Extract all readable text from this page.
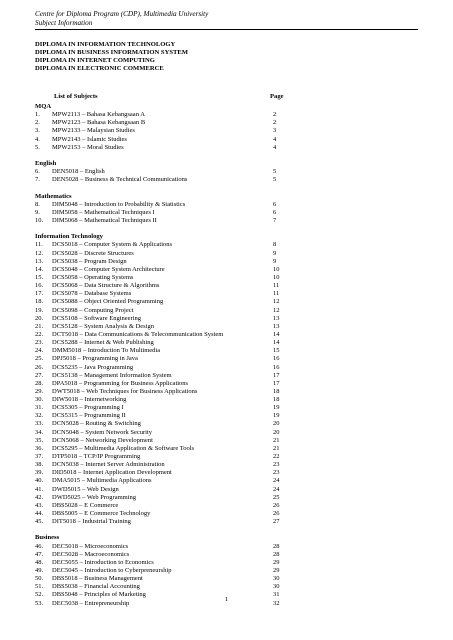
Centre for Diploma Program (CDP), Multimedia University
Subject Information
DIPLOMA IN INFORMATION TECHNOLOGY
DIPLOMA IN BUSINESS INFORMATION SYSTEM
DIPLOMA IN INTERNET COMPUTING
DIPLOMA IN ELECTRONIC COMMERCE
List of Subjects	Page
MQA
1. MPW2113 – Bahasa Kebangsaan A	2
2. MPW2123 – Bahasa Kebangsaan B	2
3. MPW2133 – Malaysian Studies	3
4. MPW2143 – Islamic Studies	4
5. MPW2153 – Moral Studies	4
English
6. DEN5018 – English	5
7. DEN5028 – Business & Technical Communications	5
Mathematics
8. DIM5048 – Introduction to Probability & Statistics	6
9. DIM5058 – Mathematical Techniques I	6
10. DIM5068 – Mathematical Techniques II	7
Information Technology
11. DCS5018 – Computer System & Applications	8
12. DCS5028 – Discrete Structures	9
13. DCS5038 – Program Design	9
14. DCS5048 – Computer System Architecture	10
15. DCS5058 – Operating Systems	10
16. DCS5068 – Data Structure & Algorithms	11
17. DCS5078 – Database Systems	11
18. DCS5088 – Object Oriented Programming	12
19. DCS5098 – Computing Project	12
20. DCS5108 – Software Engineering	13
21. DCS5128 – System Analysis & Design	13
22. DCT5018 – Data Communications & Telecommunication System	14
23. DCS5288 – Internet & Web Publishing	14
24. DMM5018 – Introduction To Multimedia	15
25. DPJ5018 – Programming in Java	16
26. DCS5235 – Java Programming	16
27. DCS5138 – Management Information System	17
28. DPA5018 – Programming for Business Applications	17
29. DWT5018 – Web Techniques for Business Applications	18
30. DIW5018 – Internetworking	18
31. DCS5305 – Programming I	19
32. DCS5315 – Programming II	19
33. DCN5028 – Routing & Switching	20
34. DCN5048 – System Network Security	20
35. DCN5068 – Networking Development	21
36. DCS5295 – Multimedia Application & Software Tools	21
37. DTP5018 – TCP/IP Programming	22
38. DCN5038 – Internet Server Administration	23
39. DID5018 – Internet Application Development	23
40. DMA5015 – Multimedia Applications	24
41. DWD5015 – Web Design	24
42. DWD5025 – Web Programming	25
43. DBS5028 – E Commerce	26
44. DBS5005 – E Commerce Technology	26
45. DIT5018 – Industrial Training	27
Business
46. DEC5018 – Microeconomics	28
47. DEC5028 – Macroeconomics	28
48. DEC5055 – Introduction to Economics	29
49. DEC5045 – Introduction to Cyberpreneurship	29
50. DBS5018 – Business Management	30
51. DBS5038 – Financial Accounting	30
52. DBS5048 – Principles of Marketing	31
53. DEC5038 – Entrepreneurship	32
1
